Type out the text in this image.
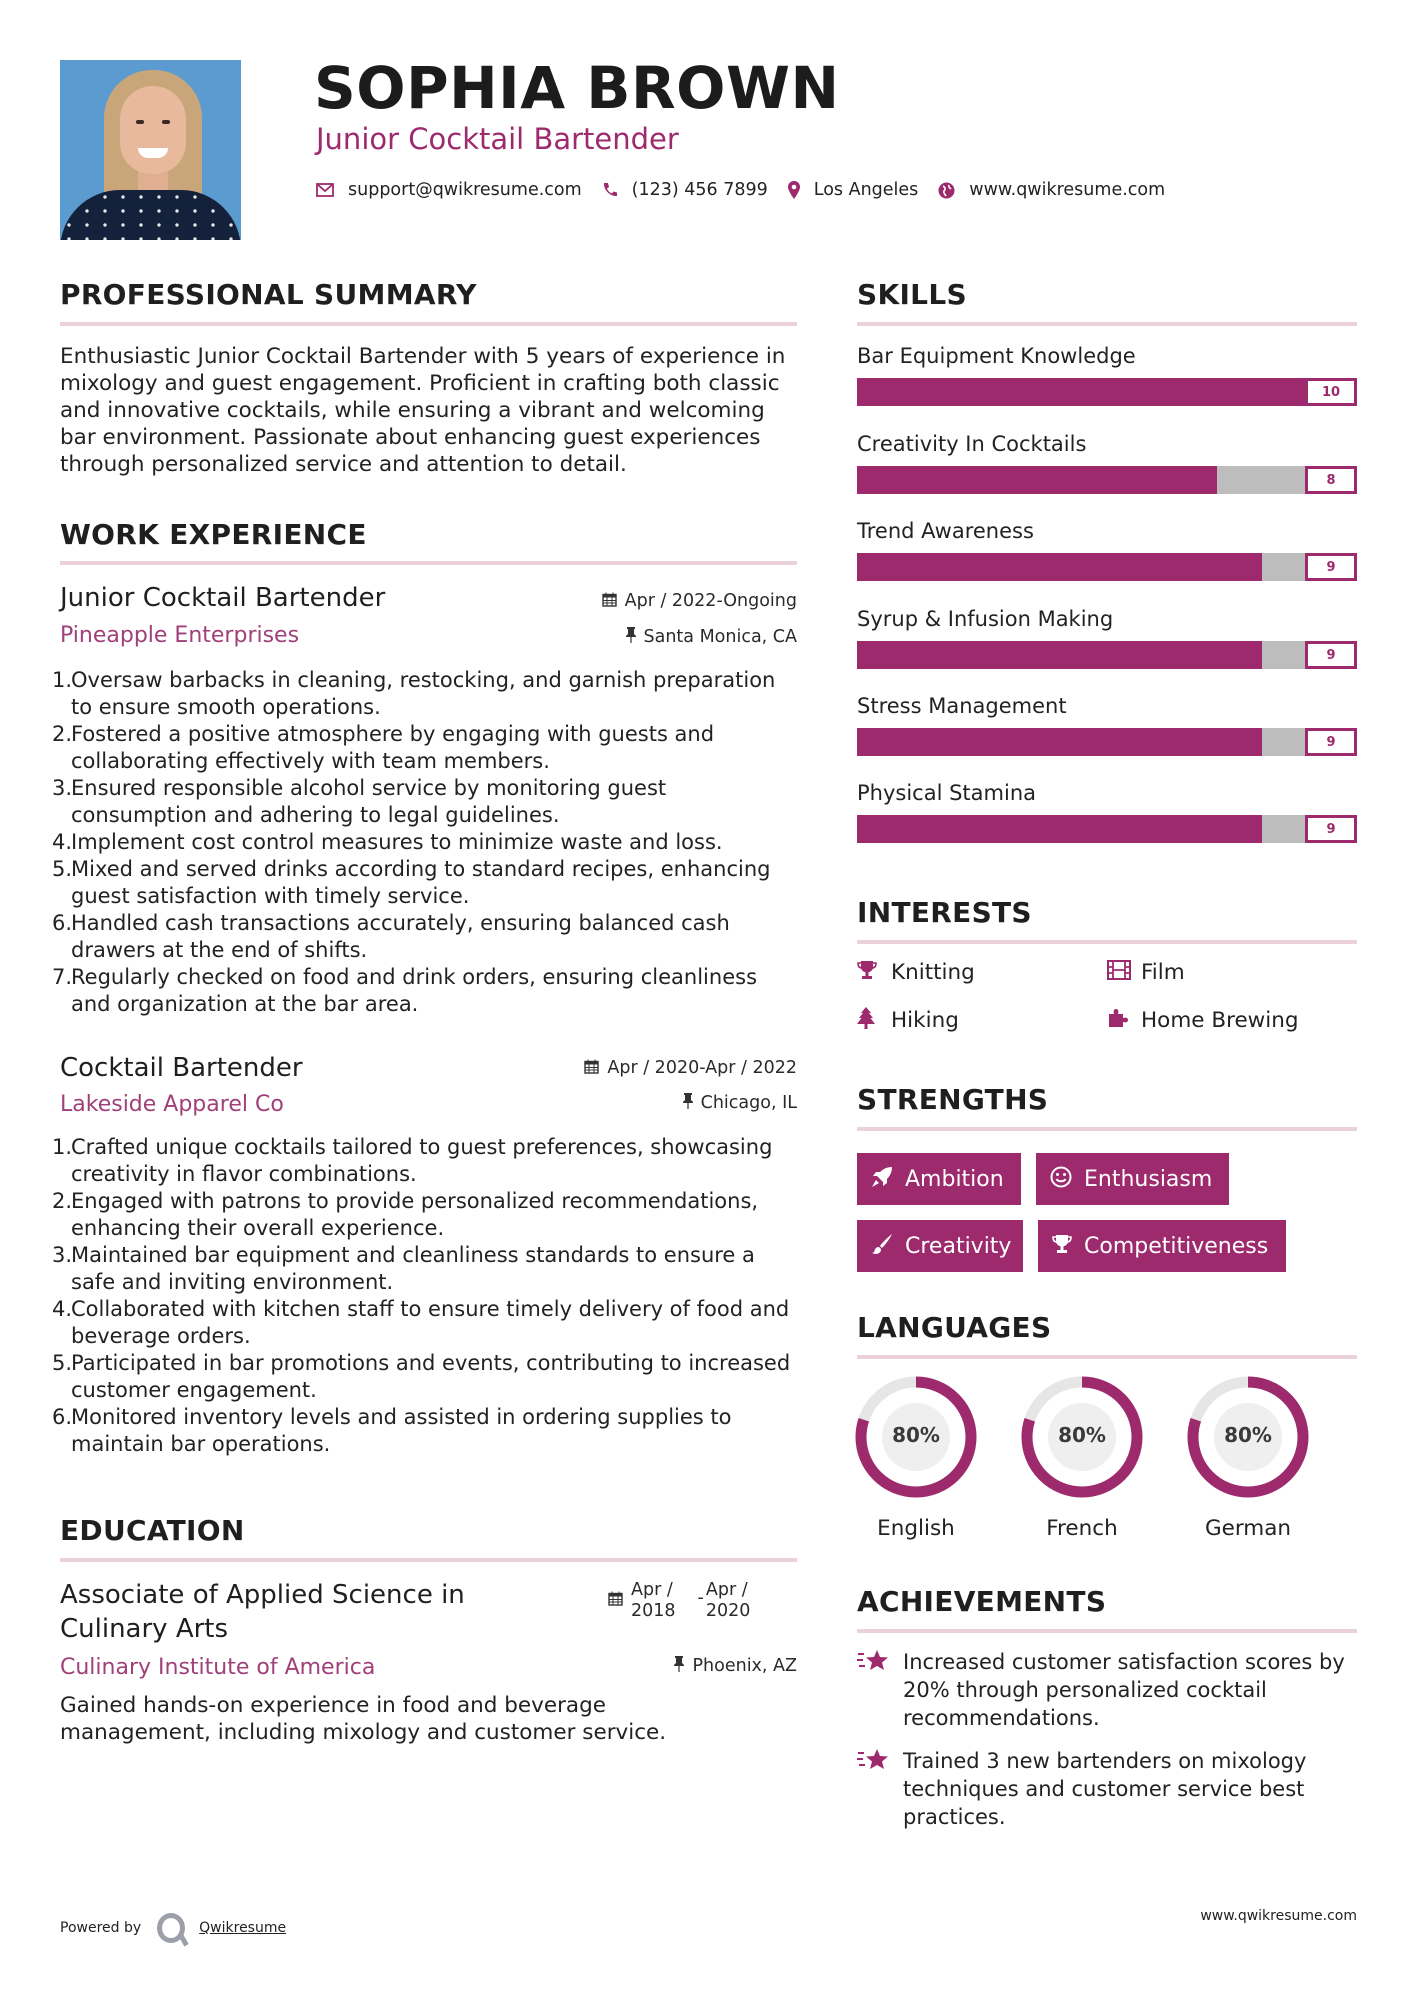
SOPHIA BROWN
Junior Cocktail Bartender
support@qwikresume.com	(123) 456 7899	Los Angeles	www.qwikresume.com
PROFESSIONAL SUMMARY
Enthusiastic Junior Cocktail Bartender with 5 years of experience in mixology and guest engagement. Proficient in crafting both classic and innovative cocktails, while ensuring a vibrant and welcoming bar environment. Passionate about enhancing guest experiences through personalized service and attention to detail.
WORK EXPERIENCE
Junior Cocktail Bartender	Apr / 2022-Ongoing
Pineapple Enterprises	Santa Monica, CA
1.
Oversaw barbacks in cleaning, restocking, and garnish preparation to ensure smooth operations.
2.
Fostered a positive atmosphere by engaging with guests and collaborating effectively with team members.
3.
Ensured responsible alcohol service by monitoring guest consumption and adhering to legal guidelines.
4.
Implement cost control measures to minimize waste and loss.
5.
Mixed and served drinks according to standard recipes, enhancing guest satisfaction with timely service.
6.
Handled cash transactions accurately, ensuring balanced cash drawers at the end of shifts.
7.
Regularly checked on food and drink orders, ensuring cleanliness and organization at the bar area.
Cocktail Bartender	Apr / 2020-Apr / 2022
Lakeside Apparel Co	Chicago, IL
1.
Crafted unique cocktails tailored to guest preferences, showcasing creativity in flavor combinations.
2.
Engaged with patrons to provide personalized recommendations, enhancing their overall experience.
3.
Maintained bar equipment and cleanliness standards to ensure a safe and inviting environment.
4.
Collaborated with kitchen staff to ensure timely delivery of food and beverage orders.
5.
Participated in bar promotions and events, contributing to increased customer engagement.
6.
Monitored inventory levels and assisted in ordering supplies to maintain bar operations.
EDUCATION
Associate of Applied Science in
Culinary Arts
Apr /
2018
- Apr /
2020
Culinary Institute of America	Phoenix, AZ
Gained hands-on experience in food and beverage management, including mixology and customer service.
SKILLS
Bar Equipment Knowledge
10
Creativity In Cocktails
8
Trend Awareness
9
Syrup & Infusion Making
9
Stress Management
9
Physical Stamina
9
INTERESTS
Knitting	Film
Hiking	Home Brewing
STRENGTHS
Ambition	Enthusiasm
Creativity	Competitiveness
LANGUAGES
80%
English
80%
French
80%
German
ACHIEVEMENTS
Increased customer satisfaction scores by 20% through personalized cocktail recommendations.
Trained 3 new bartenders on mixology techniques and customer service best practices.
Powered by	Qwikresume
www.qwikresume.com
